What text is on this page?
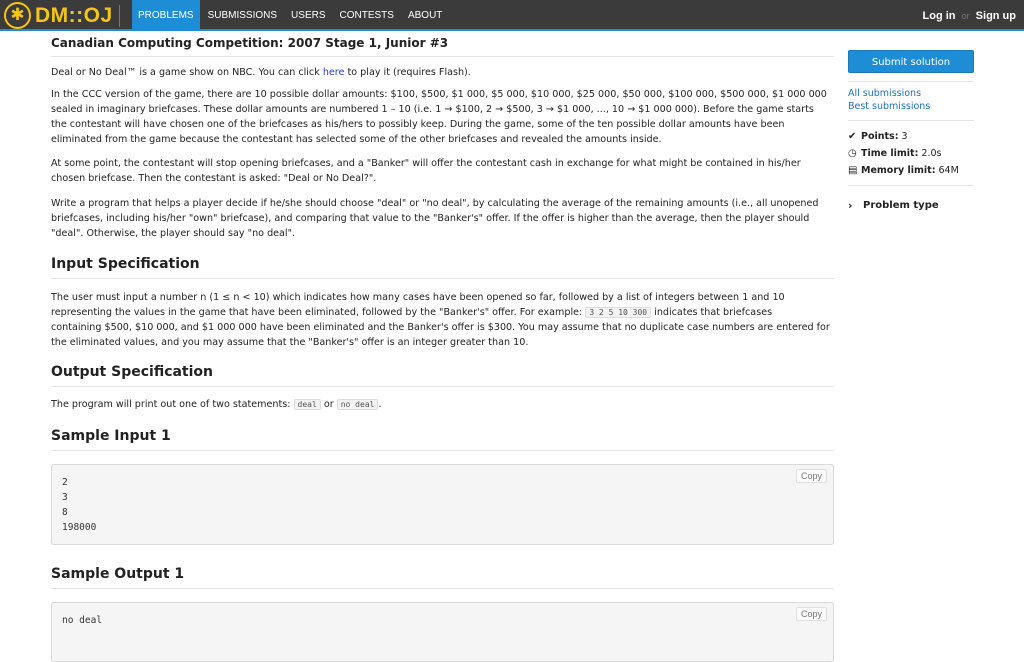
✱ DM::OJ	PROBLEMS	SUBMISSIONS	USERS	CONTESTS	ABOUT	Log in or Sign up
Canadian Computing Competition: 2007 Stage 1, Junior #3

Deal or No Deal™ is a game show on NBC. You can click here to play it (requires Flash).

In the CCC version of the game, there are 10 possible dollar amounts: $100, $500, $1 000, $5 000, $10 000, $25 000, $50 000, $100 000, $500 000, $1 000 000
sealed in imaginary briefcases. These dollar amounts are numbered 1 – 10 (i.e. 1 → $100, 2 → $500, 3 → $1 000, ..., 10 → $1 000 000). Before the game starts
the contestant will have chosen one of the briefcases as his/hers to possibly keep. During the game, some of the ten possible dollar amounts have been
eliminated from the game because the contestant has selected some of the other briefcases and revealed the amounts inside.

At some point, the contestant will stop opening briefcases, and a "Banker" will offer the contestant cash in exchange for what might be contained in his/her
chosen briefcase. Then the contestant is asked: "Deal or No Deal?".

Write a program that helps a player decide if he/she should choose "deal" or "no deal", by calculating the average of the remaining amounts (i.e., all unopened
briefcases, including his/her "own" briefcase), and comparing that value to the "Banker's" offer. If the offer is higher than the average, then the player should
"deal". Otherwise, the player should say "no deal".

Input Specification

The user must input a number n (1 ≤ n < 10) which indicates how many cases have been opened so far, followed by a list of integers between 1 and 10
representing the values in the game that have been eliminated, followed by the "Banker's" offer. For example: 3 2 5 10 300 indicates that briefcases
containing $500, $10 000, and $1 000 000 have been eliminated and the Banker's offer is $300. You may assume that no duplicate case numbers are entered for
the eliminated values, and you may assume that the "Banker's" offer is an integer greater than 10.

Output Specification

The program will print out one of two statements: deal or no deal .

Sample Input 1
2
3
8
198000
Copy
Sample Output 1
no deal
Copy
Submit solution
All submissions
Best submissions
✔ Points: 3
◷ Time limit: 2.0s
▤ Memory limit: 64M
›	Problem type
